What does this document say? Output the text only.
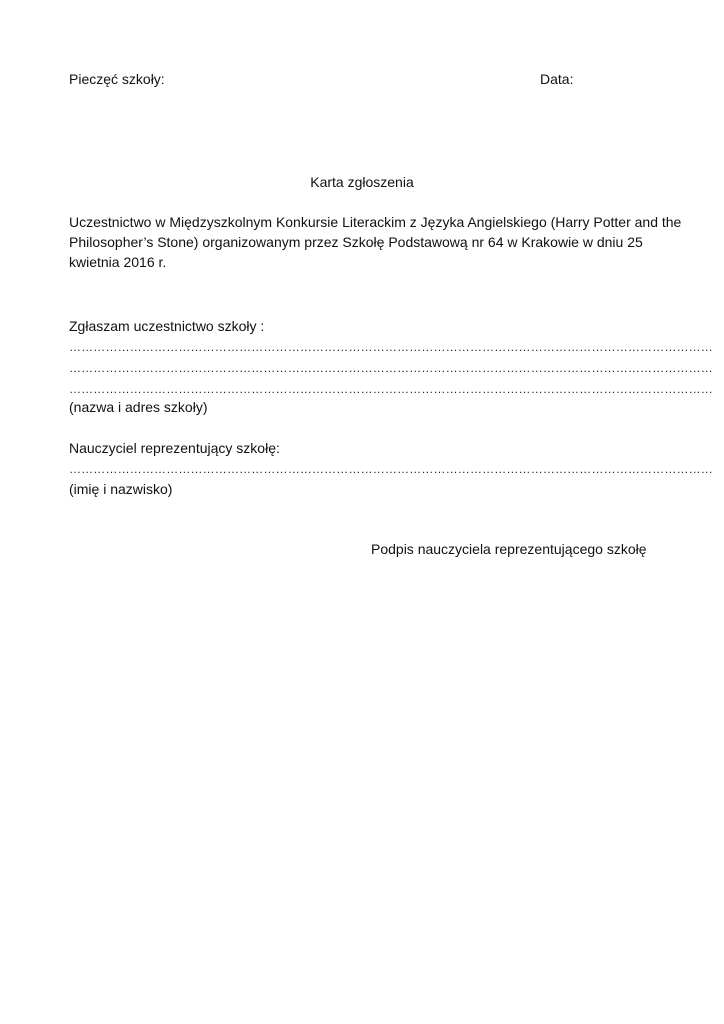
Pieczęć szkoły:	Data:
Karta zgłoszenia
Uczestnictwo w Międzyszkolnym Konkursie Literackim z Języka Angielskiego (Harry Potter and the
Philosopher’s Stone) organizowanym przez Szkołę Podstawową nr 64 w Krakowie w dniu 25
kwietnia 2016 r.
Zgłaszam uczestnictwo szkoły :
……………………………………………………………………………………………………………………………………………
……………………………………………………………………………………………………………………………………………
……………………………………………………………………………………………………………………………………………
(nazwa i adres szkoły)
Nauczyciel reprezentujący szkołę:
……………………………………………………………………………………………………………………………………………
(imię i nazwisko)
Podpis nauczyciela reprezentującego szkołę
